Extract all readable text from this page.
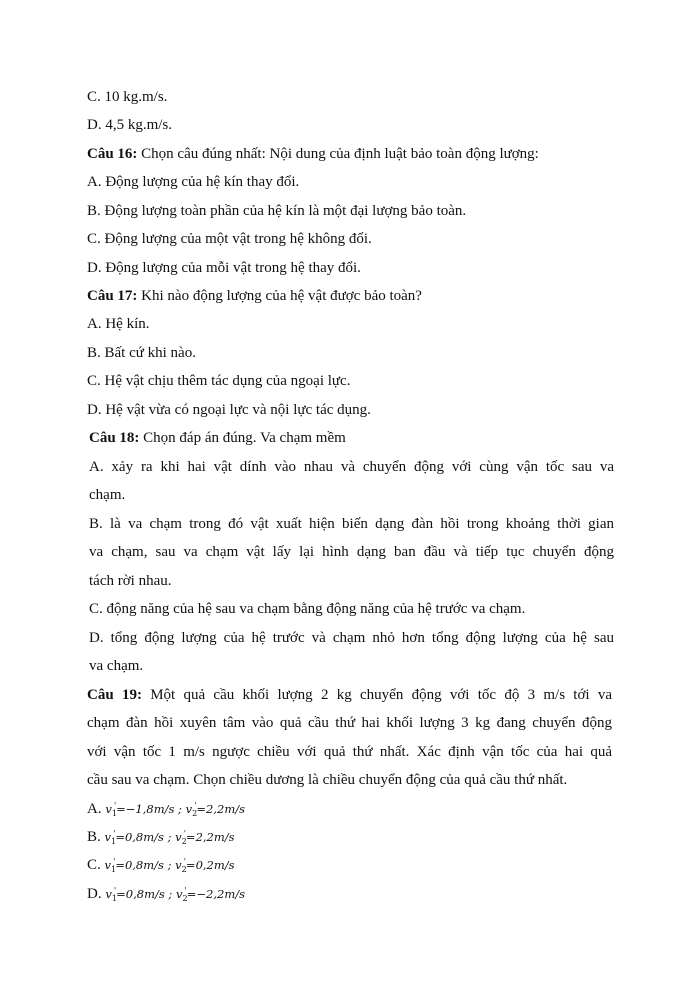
C. 10 kg.m/s.
D. 4,5 kg.m/s.
Câu 16: Chọn câu đúng nhất: Nội dung của định luật bảo toàn động lượng:
A. Động lượng của hệ kín thay đổi.
B. Động lượng toàn phần của hệ kín là một đại lượng bảo toàn.
C. Động lượng của một vật trong hệ không đổi.
D. Động lượng của mỗi vật trong hệ thay đổi.
Câu 17: Khi nào động lượng của hệ vật được bảo toàn?
A. Hệ kín.
B. Bất cứ khi nào.
C. Hệ vật chịu thêm tác dụng của ngoại lực.
D. Hệ vật vừa có ngoại lực và nội lực tác dụng.
Câu 18: Chọn đáp án đúng. Va chạm mềm
A. xảy ra khi hai vật dính vào nhau và chuyển động với cùng vận tốc sau va
chạm.
B. là va chạm trong đó vật xuất hiện biến dạng đàn hồi trong khoảng thời gian
va chạm, sau va chạm vật lấy lại hình dạng ban đầu và tiếp tục chuyển động
tách rời nhau.
C. động năng của hệ sau va chạm bằng động năng của hệ trước va chạm.
D. tổng động lượng của hệ trước và chạm nhỏ hơn tổng động lượng của hệ sau
va chạm.
Câu 19: Một quả cầu khối lượng 2 kg chuyển động với tốc độ 3 m/s tới va
chạm đàn hồi xuyên tâm vào quả cầu thứ hai khối lượng 3 kg đang chuyển động
với vận tốc 1 m/s ngược chiều với quả thứ nhất. Xác định vận tốc của hai quả
cầu sau va chạm. Chọn chiều dương là chiều chuyển động của quả cầu thứ nhất.
A. $v_1'=-1,8m/s$ ; $v_2'=2,2m/s$
B. $v_1'=0,8m/s$ ; $v_2'=2,2m/s$
C. $v_1'=0,8m/s$ ; $v_2'=0,2m/s$
D. $v_1'=0,8m/s$ ; $v_2'=-2,2m/s$
